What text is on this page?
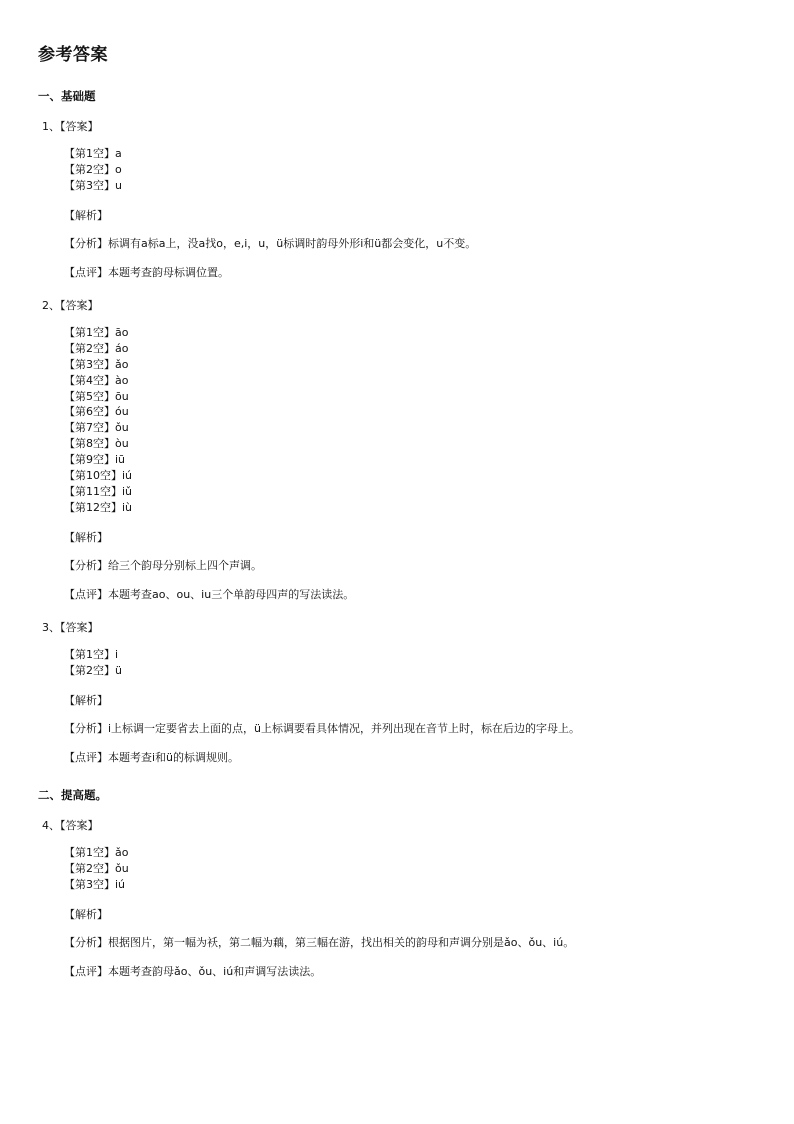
参考答案
一、基础题
1、【答案】
【第1空】a
【第2空】o
【第3空】u
【解析】
【分析】标调有a标a上，没a找o，e,i，u，ü标调时韵母外形i和ü都会变化，u不变。
【点评】本题考查韵母标调位置。
2、【答案】
【第1空】āo
【第2空】áo
【第3空】ǎo
【第4空】ào
【第5空】ōu
【第6空】óu
【第7空】ǒu
【第8空】òu
【第9空】iū
【第10空】iú
【第11空】iǔ
【第12空】iù
【解析】
【分析】给三个韵母分别标上四个声调。
【点评】本题考查ao、ou、iu三个单韵母四声的写法读法。
3、【答案】
【第1空】i
【第2空】ü
【解析】
【分析】i上标调一定要省去上面的点，ü上标调要看具体情况，并列出现在音节上时，标在后边的字母上。
【点评】本题考查i和ü的标调规则。
二、提高题。
4、【答案】
【第1空】ǎo
【第2空】ǒu
【第3空】iú
【解析】
【分析】根据图片，第一幅为袄，第二幅为藕，第三幅在游，找出相关的韵母和声调分别是ǎo、ǒu、iú。
【点评】本题考查韵母ǎo、ǒu、iú和声调写法读法。
